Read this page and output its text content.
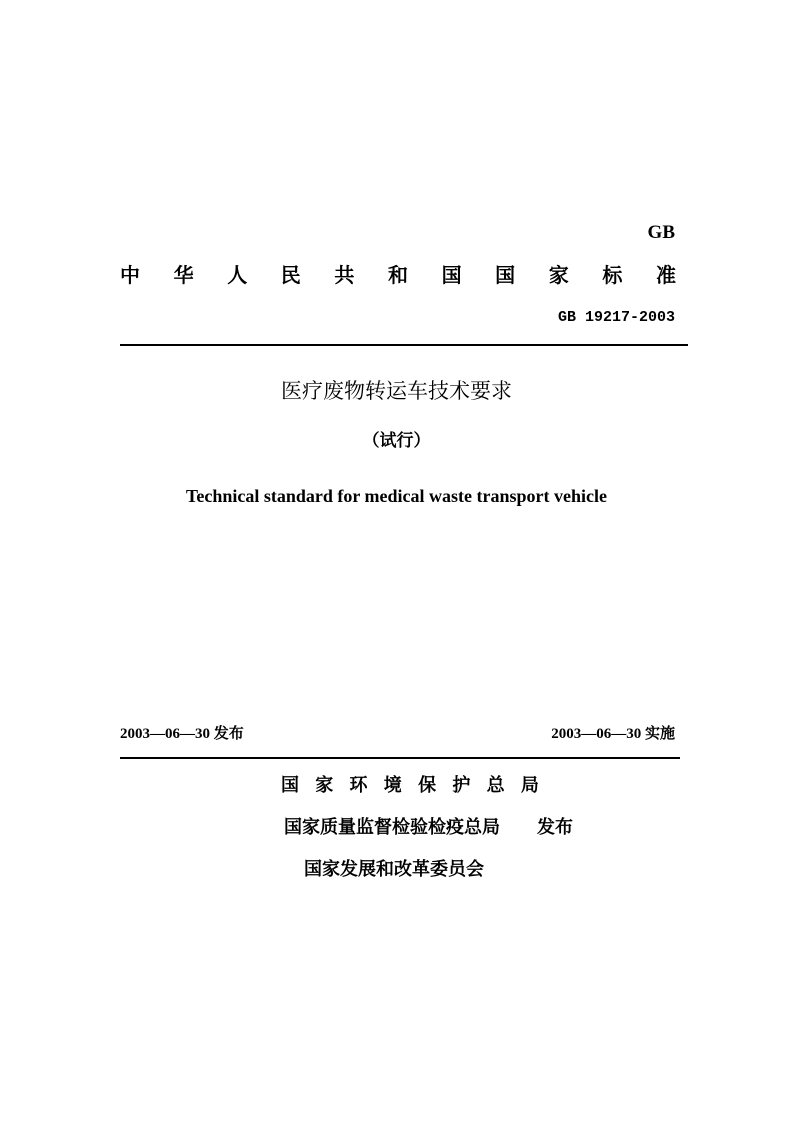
GB
中 华 人 民 共 和 国 国 家 标 准
GB 19217-2003
医疗废物转运车技术要求
（试行）
Technical standard for medical waste transport vehicle
2003—06—30 发布	2003—06—30 实施
国 家 环 境 保 护 总 局
国家质量监督检验检疫总局 发布
国家发展和改革委员会
